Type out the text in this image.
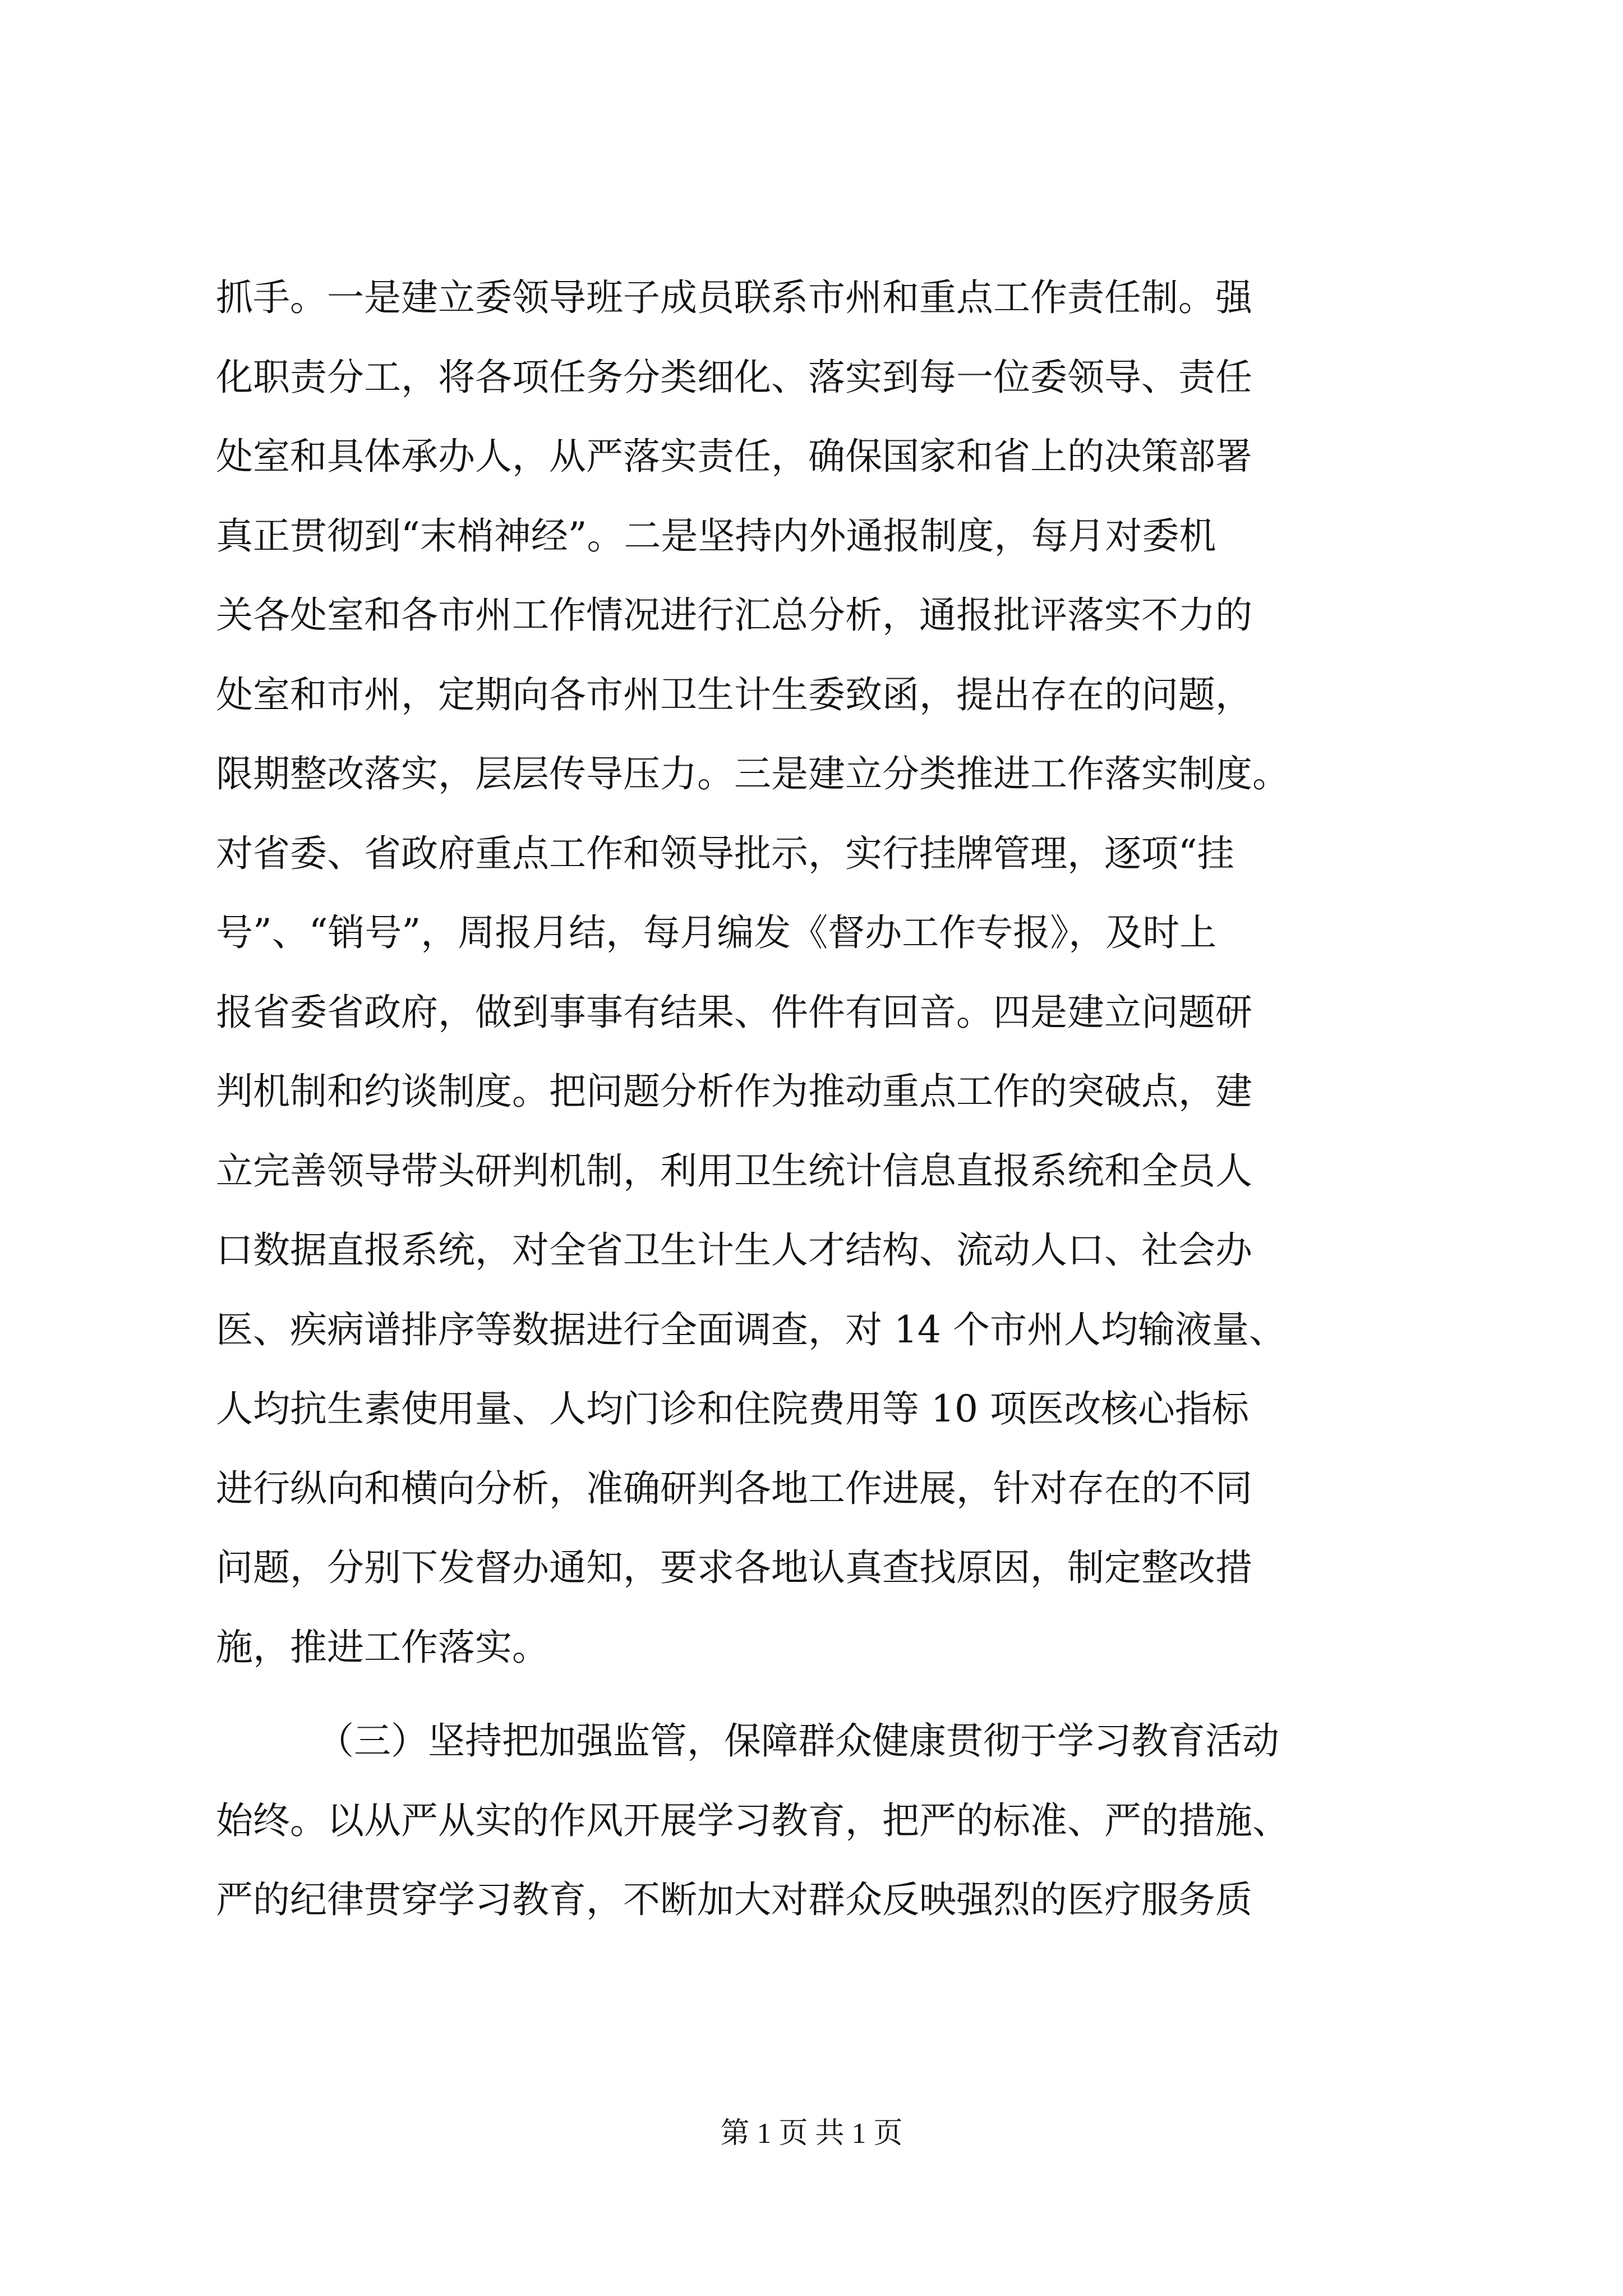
抓手。一是建立委领导班子成员联系市州和重点工作责任制。强
化职责分工，将各项任务分类细化、落实到每一位委领导、责任
处室和具体承办人，从严落实责任，确保国家和省上的决策部署
真正贯彻到“末梢神经”。二是坚持内外通报制度，每月对委机
关各处室和各市州工作情况进行汇总分析，通报批评落实不力的
处室和市州，定期向各市州卫生计生委致函，提出存在的问题，
限期整改落实，层层传导压力。三是建立分类推进工作落实制度。
对省委、省政府重点工作和领导批示，实行挂牌管理，逐项“挂
号”、“销号”，周报月结，每月编发《督办工作专报》，及时上
报省委省政府，做到事事有结果、件件有回音。四是建立问题研
判机制和约谈制度。把问题分析作为推动重点工作的突破点，建
立完善领导带头研判机制，利用卫生统计信息直报系统和全员人
口数据直报系统，对全省卫生计生人才结构、流动人口、社会办
医、疾病谱排序等数据进行全面调查，对 14 个市州人均输液量、
人均抗生素使用量、人均门诊和住院费用等 10 项医改核心指标
进行纵向和横向分析，准确研判各地工作进展，针对存在的不同
问题，分别下发督办通知，要求各地认真查找原因，制定整改措
施，推进工作落实。
（三）坚持把加强监管，保障群众健康贯彻于学习教育活动
始终。以从严从实的作风开展学习教育，把严的标准、严的措施、
严的纪律贯穿学习教育，不断加大对群众反映强烈的医疗服务质
第 1 页 共 1 页
